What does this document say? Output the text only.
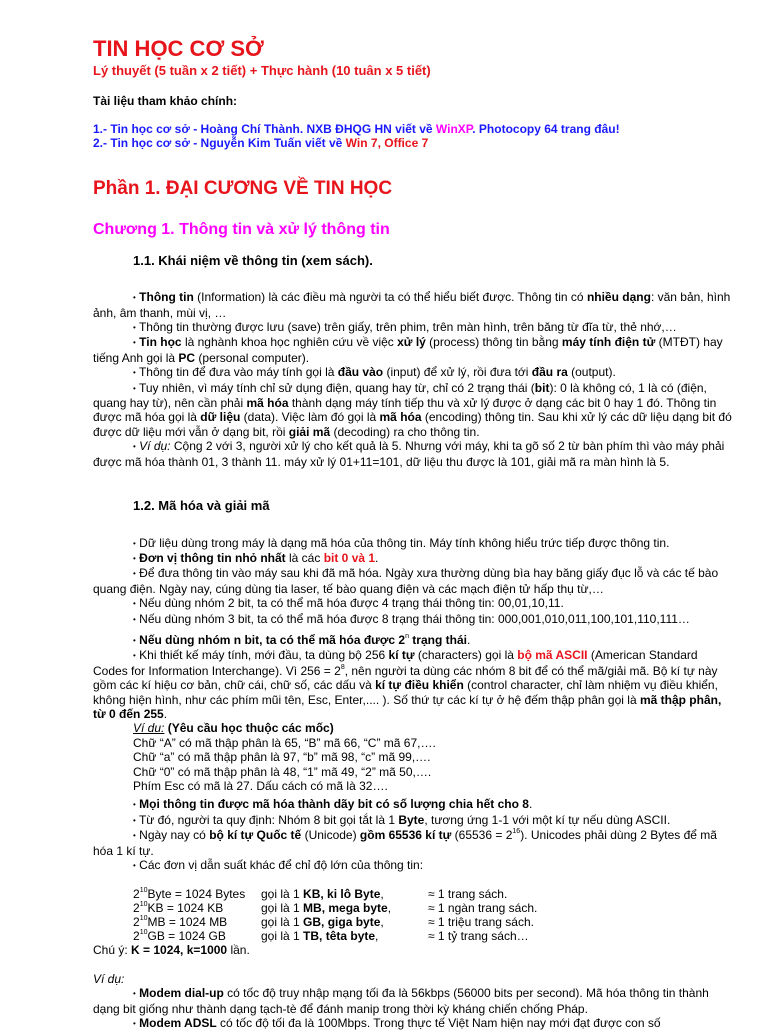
TIN HỌC CƠ SỞ
Lý thuyết (5 tuần x 2 tiết) + Thực hành (10 tuân x 5 tiết)
Tài liệu tham khảo chính:
1.- Tin học cơ sở - Hoàng Chí Thành. NXB ĐHQG HN viết về WinXP. Photocopy 64 trang đâu!
2.- Tin học cơ sở - Nguyễn Kim Tuấn viết về Win 7, Office 7
Phần 1. ĐẠI CƯƠNG VỀ TIN HỌC
Chương 1. Thông tin và xử lý thông tin
1.1. Khái niệm về thông tin (xem sách).

• Thông tin (Information) là các điều mà người ta có thể hiểu biết được. Thông tin có nhiều dạng: văn bản, hình ảnh, âm thanh, mùi vị, …

• Thông tin thường được lưu (save) trên giấy, trên phim, trên màn hình, trên băng từ đĩa từ, thẻ nhớ,…

• Tin học là nghành khoa học nghiên cứu về việc xử lý (process) thông tin bằng máy tính điện tử (MTĐT) hay tiếng Anh gọi là PC (personal computer).

• Thông tin để đưa vào máy tính gọi là đầu vào (input) để xử lý, rồi đưa tới đầu ra (output).

• Tuy nhiên, vì máy tính chỉ sử dụng điện, quang hay từ, chỉ có 2 trạng thái (bit): 0 là không có, 1 là có (điện, quang hay từ), nên cần phải mã hóa thành dạng máy tính tiếp thu và xử lý được ở dạng các bit 0 hay 1 đó. Thông tin được mã hóa gọi là dữ liệu (data). Việc làm đó gọi là mã hóa (encoding) thông tin. Sau khi xử lý các dữ liệu dạng bit đó được dữ liệu mới vẫn ở dạng bit, rồi giải mã (decoding) ra cho thông tin.

• Ví dụ: Cộng 2 với 3, người xử lý cho kết quả là 5. Nhưng với máy, khi ta gõ số 2 từ bàn phím thì vào máy phải được mã hóa thành 01, 3 thành 11. máy xử lý 01+11=101, dữ liệu thu được là 101, giải mã ra màn hình là 5.

1.2. Mã hóa và giải mã

• Dữ liệu dùng trong máy là dạng mã hóa của thông tin. Máy tính không hiểu trức tiếp được thông tin.

• Đơn vị thông tin nhỏ nhất là các bit 0 và 1.

• Để đưa thông tin vào máy sau khi đã mã hóa. Ngày xưa thường dùng bìa hay băng giấy đục lỗ và các tế bào quang điện. Ngày nay, cúng dùng tia laser, tế bào quang điện và các mạch điện tử hấp thụ từ,…

• Nếu dùng nhóm 2 bit, ta có thể mã hóa được 4 trạng thái thông tin: 00,01,10,11.

• Nếu dùng nhóm 3 bit, ta có thể mã hóa được 8 trạng thái thông tin: 000,001,010,011,100,101,110,111…

• Nếu dùng nhóm n bit, ta có thể mã hóa được 2$^n$ trạng thái.

• Khi thiết kế máy tính, mới đầu, ta dùng bộ 256 kí tự (characters) gọi là bộ mã ASCII (American Standard Codes for Information Interchange). Vì $256 = 2^8$, nên người ta dùng các nhóm 8 bit để có thể mã/giải mã. Bộ kí tự này gồm các kí hiệu cơ bản, chữ cái, chữ số, các dấu và kí tự điều khiển (control character, chỉ làm nhiệm vụ điều khiển, không hiện hình, như các phím mũi tên, Esc, Enter,.... ). Số thứ tự các kí tự ở hệ đếm thập phân gọi là mã thập phân, từ 0 đến 255.

Ví dụ: (Yêu cầu học thuộc các mốc)
Chữ “A” có mã thập phân là 65, “B” mã 66, “C” mã 67,….
Chữ “a” có mã thập phân là 97, “b” mã 98, “c” mã 99,….
Chữ “0” có mã thập phân là 48, “1” mã 49, “2” mã 50,….
Phím Esc có mã là 27. Dấu cách có mã là 32….

• Mọi thông tin được mã hóa thành dãy bit có số lượng chia hết cho 8.

• Từ đó, người ta quy định: Nhóm 8 bit gọi tắt là 1 Byte, tương ứng 1-1 với một kí tự nếu dùng ASCII.

• Ngày nay có bộ kí tự Quốc tế (Unicode) gồm 65536 kí tự $(65536 = 2^{16})$. Unicodes phải dùng 2 Bytes để mã hóa 1 kí tự.

• Các đơn vị dẫn suất khác để chỉ độ lớn của thông tin:

$2^{10}Byte = 1024$ Bytes	gọi là 1 KB, ki lô Byte,	≈ 1 trang sách.
$2^{10}KB = 1024$ KB	gọi là 1 MB, mega byte,	≈ 1 ngàn trang sách.
$2^{10}MB = 1024$ MB	gọi là 1 GB, giga byte,	≈ 1 triệu trang sách.
$2^{10}GB = 1024$ GB	gọi là 1 TB, têta byte,	≈ 1 tỷ trang sách…
Chú ý: K = 1024, k=1000 lần.
Ví dụ:

• Modem dial-up có tốc độ truy nhập mạng tối đa là 56kbps (56000 bits per second). Mã hóa thông tin thành dạng bit giống như thành dạng tạch-tè để đánh manip trong thời kỳ kháng chiến chống Pháp.

• Modem ADSL có tốc độ tối đa là 100Mbps. Trong thực tế Việt Nam hiện nay mới đạt được con số
